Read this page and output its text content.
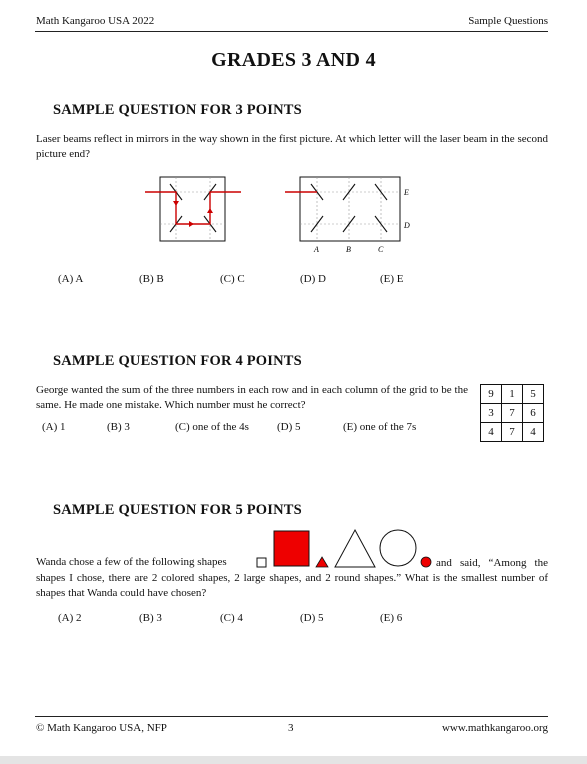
Math Kangaroo USA 2022	Sample Questions
GRADES 3 AND 4
SAMPLE QUESTION FOR 3 POINTS
Laser beams reflect in mirrors in the way shown in the first picture. At which letter will the laser beam in the second picture end?
E
D
A	B	C
(A) A	(B) B	(C) C	(D) D	(E) E
SAMPLE QUESTION FOR 4 POINTS
George wanted the sum of the three numbers in each row and in each column of the grid to be the same. He made one mistake. Which number must he correct?
9	1	5
3	7	6
4	7	4
(A) 1	(B) 3	(C) one of the 4s	(D) 5	(E) one of the 7s
SAMPLE QUESTION FOR 5 POINTS
Wanda chose a few of the following shapes	and said, “Among the shapes I chose, there are 2 colored shapes, 2 large shapes, and 2 round shapes.” What is the smallest number of shapes that Wanda could have chosen?
(A) 2	(B) 3	(C) 4	(D) 5	(E) 6
© Math Kangaroo USA, NFP	3	www.mathkangaroo.org
